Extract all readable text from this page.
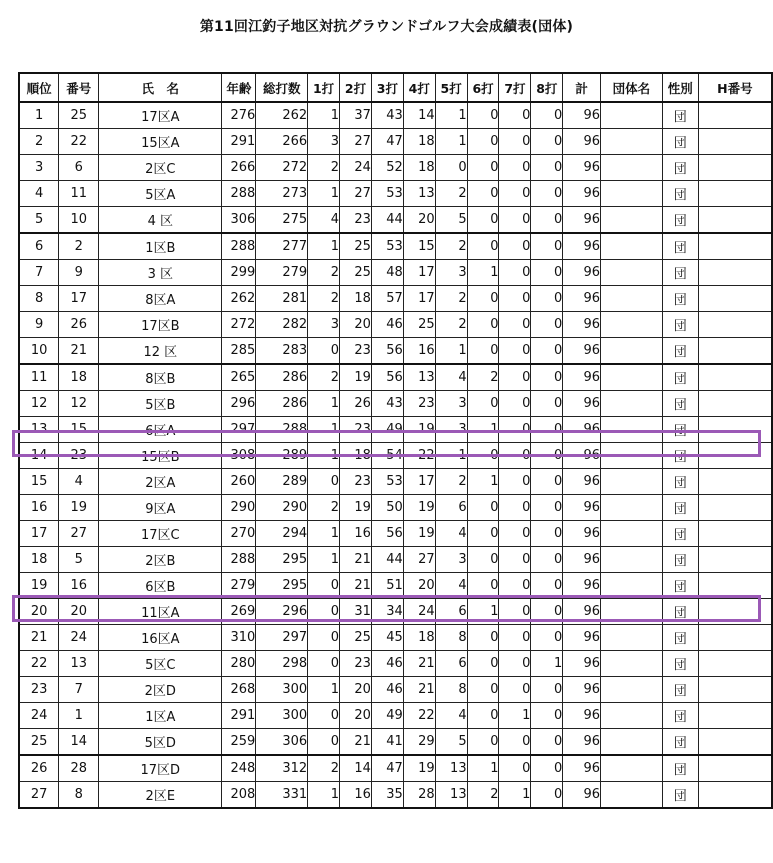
第11回江釣子地区対抗グラウンドゴルフ大会成績表(団体)
順位	番号	氏　名	年齢	総打数	1打	2打	3打	4打	5打	6打	7打	8打	計	団体名	性別	H番号
1	25	17区A	276	262	1	37	43	14	1	0	0	0	96		団	
2	22	15区A	291	266	3	27	47	18	1	0	0	0	96		団	
3	6	2区C	266	272	2	24	52	18	0	0	0	0	96		団	
4	11	5区A	288	273	1	27	53	13	2	0	0	0	96		団	
5	10	4 区	306	275	4	23	44	20	5	0	0	0	96		団	
6	2	1区B	288	277	1	25	53	15	2	0	0	0	96		団	
7	9	3 区	299	279	2	25	48	17	3	1	0	0	96		団	
8	17	8区A	262	281	2	18	57	17	2	0	0	0	96		団	
9	26	17区B	272	282	3	20	46	25	2	0	0	0	96		団	
10	21	12 区	285	283	0	23	56	16	1	0	0	0	96		団	
11	18	8区B	265	286	2	19	56	13	4	2	0	0	96		団	
12	12	5区B	296	286	1	26	43	23	3	0	0	0	96		団	
13	15	6区A	297	288	1	23	49	19	3	1	0	0	96		団	
14	23	15区B	308	289	1	18	54	22	1	0	0	0	96		団	
15	4	2区A	260	289	0	23	53	17	2	1	0	0	96		団	
16	19	9区A	290	290	2	19	50	19	6	0	0	0	96		団	
17	27	17区C	270	294	1	16	56	19	4	0	0	0	96		団	
18	5	2区B	288	295	1	21	44	27	3	0	0	0	96		団	
19	16	6区B	279	295	0	21	51	20	4	0	0	0	96		団	
20	20	11区A	269	296	0	31	34	24	6	1	0	0	96		団	
21	24	16区A	310	297	0	25	45	18	8	0	0	0	96		団	
22	13	5区C	280	298	0	23	46	21	6	0	0	1	96		団	
23	7	2区D	268	300	1	20	46	21	8	0	0	0	96		団	
24	1	1区A	291	300	0	20	49	22	4	0	1	0	96		団	
25	14	5区D	259	306	0	21	41	29	5	0	0	0	96		団	
26	28	17区D	248	312	2	14	47	19	13	1	0	0	96		団	
27	8	2区E	208	331	1	16	35	28	13	2	1	0	96		団	
